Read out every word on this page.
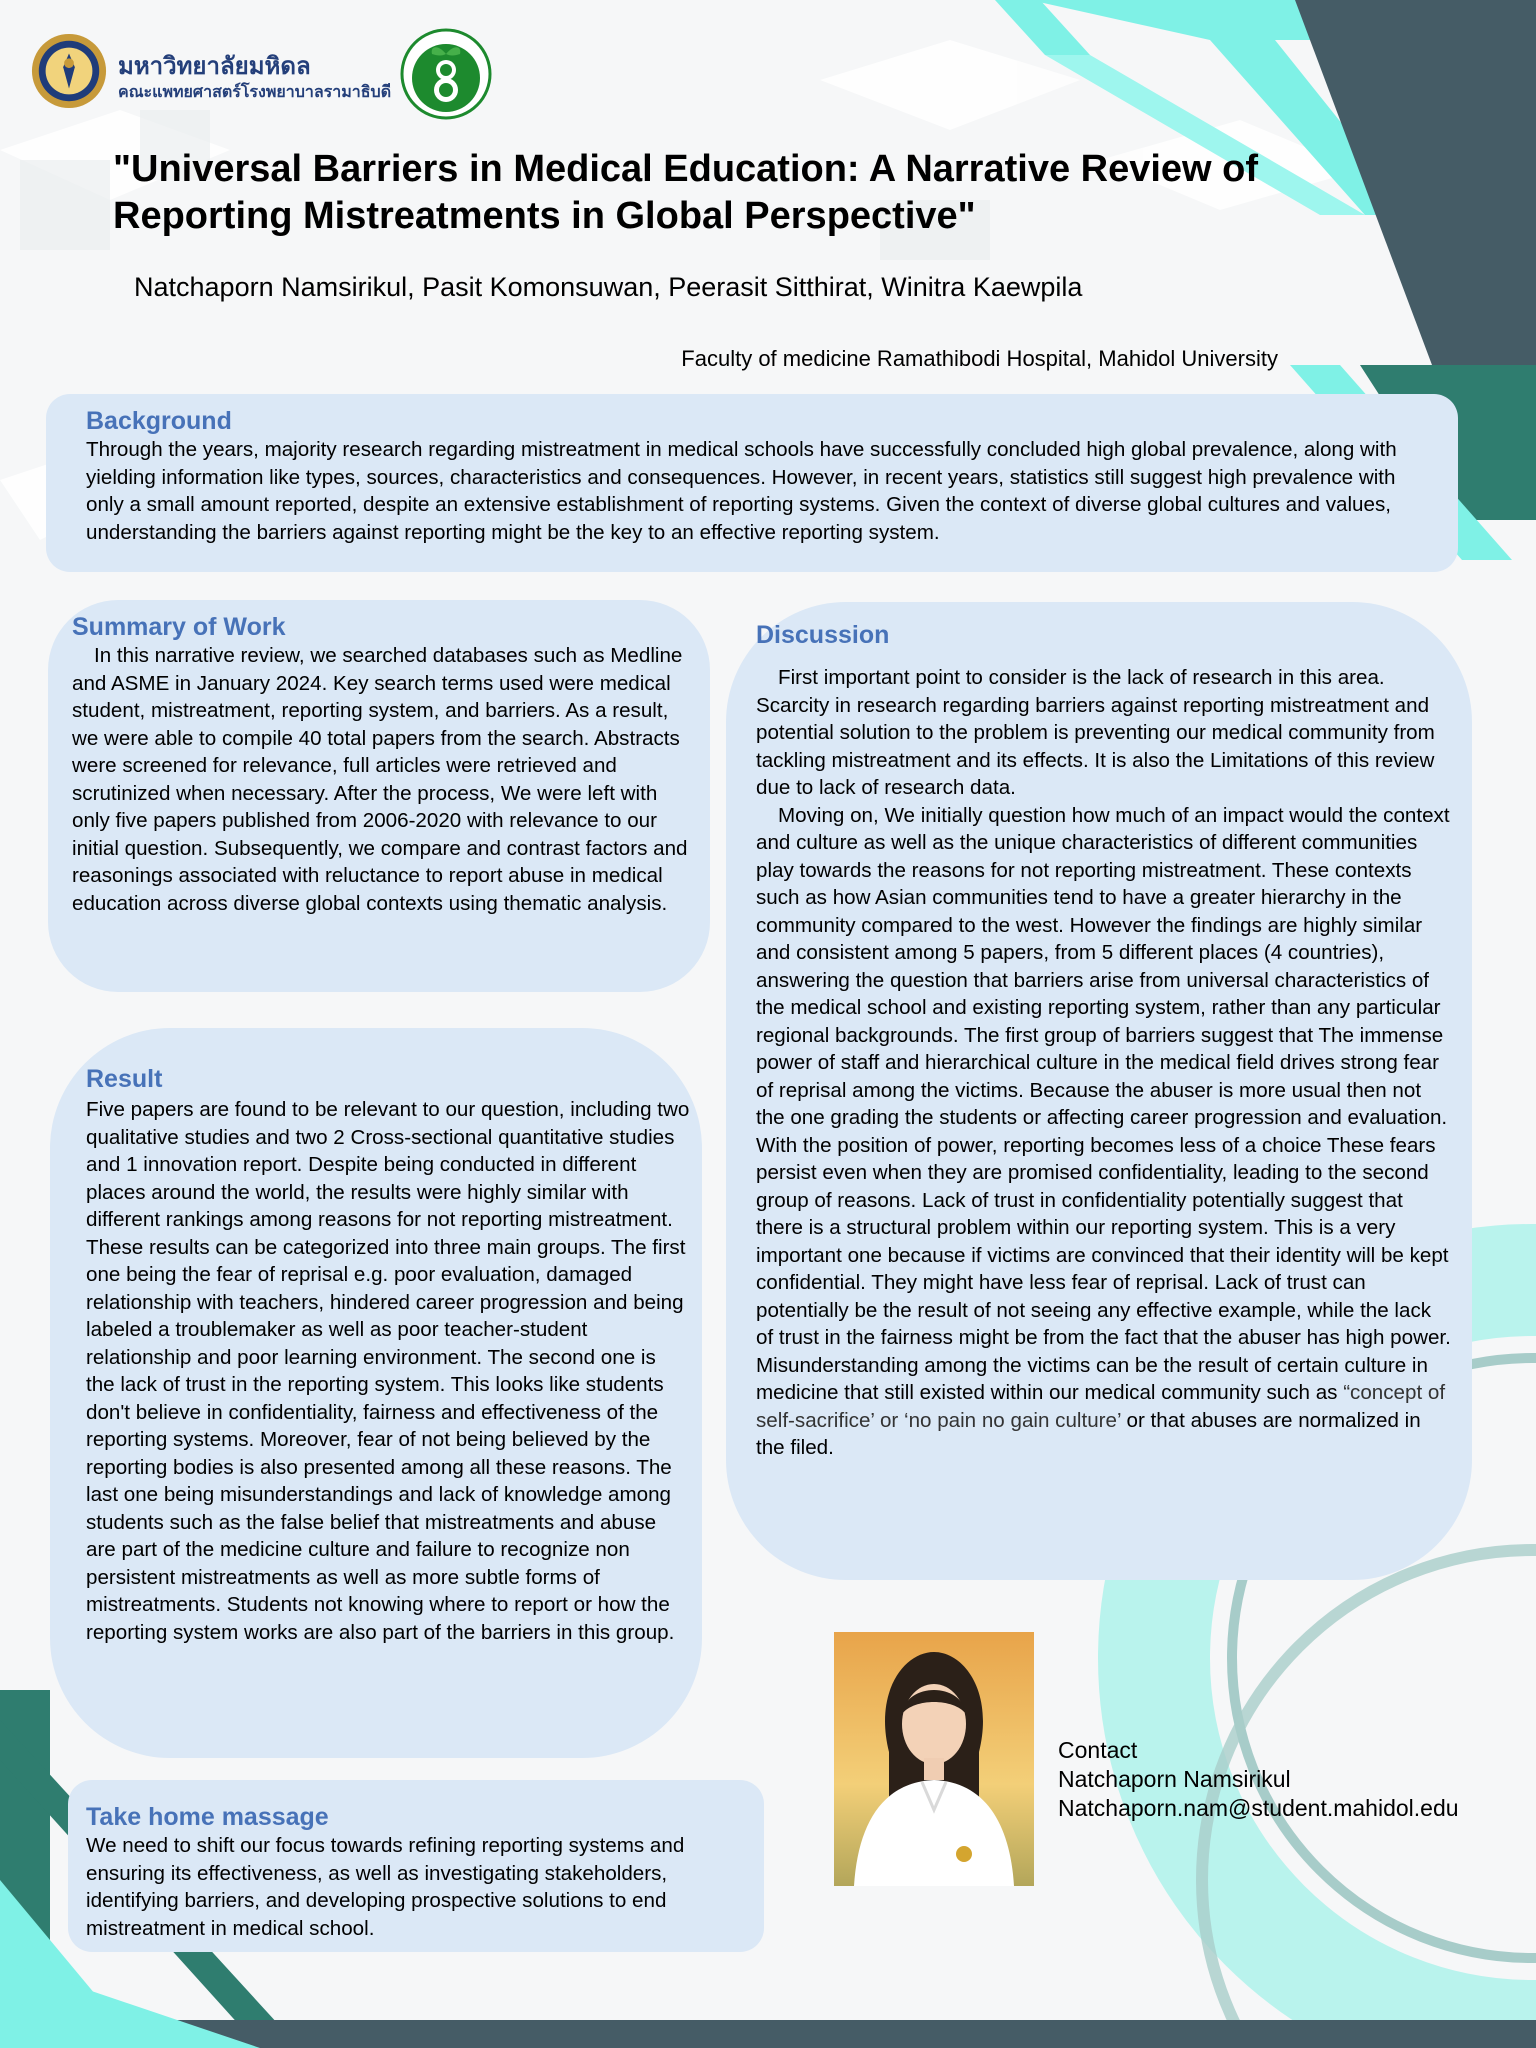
มหาวิทยาลัยมหิดล
คณะแพทยศาสตร์โรงพยาบาลรามาธิบดี
"Universal Barriers in Medical Education: A Narrative Review of
Reporting Mistreatments in Global Perspective"
Natchaporn Namsirikul, Pasit Komonsuwan, Peerasit Sitthirat, Winitra Kaewpila
Faculty of medicine Ramathibodi Hospital, Mahidol University
Background

Through the years, majority research regarding mistreatment in medical schools have successfully concluded high global prevalence, along with yielding information like types, sources, characteristics and consequences. However, in recent years, statistics still suggest high prevalence with only a small amount reported, despite an extensive establishment of reporting systems. Given the context of diverse global cultures and values, understanding the barriers against reporting might be the key to an effective reporting system.

Summary of Work

In this narrative review, we searched databases such as Medline and ASME in January 2024. Key search terms used were medical student, mistreatment, reporting system, and barriers. As a result, we were able to compile 40 total papers from the search. Abstracts were screened for relevance, full articles were retrieved and scrutinized when necessary. After the process, We were left with only five papers published from 2006-2020 with relevance to our initial question. Subsequently, we compare and contrast factors and reasonings associated with reluctance to report abuse in medical education across diverse global contexts using thematic analysis.

Result

Five papers are found to be relevant to our question, including two qualitative studies and two 2 Cross-sectional quantitative studies and 1 innovation report. Despite being conducted in different places around the world, the results were highly similar with different rankings among reasons for not reporting mistreatment. These results can be categorized into three main groups. The first one being the fear of reprisal e.g. poor evaluation, damaged relationship with teachers, hindered career progression and being labeled a troublemaker as well as poor teacher-student relationship and poor learning environment. The second one is the lack of trust in the reporting system. This looks like students don't believe in confidentiality, fairness and effectiveness of the reporting systems. Moreover, fear of not being believed by the reporting bodies is also presented among all these reasons. The last one being misunderstandings and lack of knowledge among students such as the false belief that mistreatments and abuse are part of the medicine culture and failure to recognize non persistent mistreatments as well as more subtle forms of mistreatments. Students not knowing where to report or how the reporting system works are also part of the barriers in this group.

Discussion

First important point to consider is the lack of research in this area. Scarcity in research regarding barriers against reporting mistreatment and potential solution to the problem is preventing our medical community from tackling mistreatment and its effects. It is also the Limitations of this review due to lack of research data.

Moving on, We initially question how much of an impact would the context and culture as well as the unique characteristics of different communities play towards the reasons for not reporting mistreatment. These contexts such as how Asian communities tend to have a greater hierarchy in the community compared to the west. However the findings are highly similar and consistent among 5 papers, from 5 different places (4 countries), answering the question that barriers arise from universal characteristics of the medical school and existing reporting system, rather than any particular regional backgrounds. The first group of barriers suggest that The immense power of staff and hierarchical culture in the medical field drives strong fear of reprisal among the victims. Because the abuser is more usual then not the one grading the students or affecting career progression and evaluation. With the position of power, reporting becomes less of a choice These fears persist even when they are promised confidentiality, leading to the second group of reasons. Lack of trust in confidentiality potentially suggest that there is a structural problem within our reporting system. This is a very important one because if victims are convinced that their identity will be kept confidential. They might have less fear of reprisal. Lack of trust can potentially be the result of not seeing any effective example, while the lack of trust in the fairness might be from the fact that the abuser has high power. Misunderstanding among the victims can be the result of certain culture in medicine that still existed within our medical community such as “concept of self-sacrifice’ or ‘no pain no gain culture’ or that abuses are normalized in the filed.

Take home massage

We need to shift our focus towards refining reporting systems and ensuring its effectiveness, as well as investigating stakeholders, identifying barriers, and developing prospective solutions to end mistreatment in medical school.

Contact
Natchaporn Namsirikul
Natchaporn.nam@student.mahidol.edu
